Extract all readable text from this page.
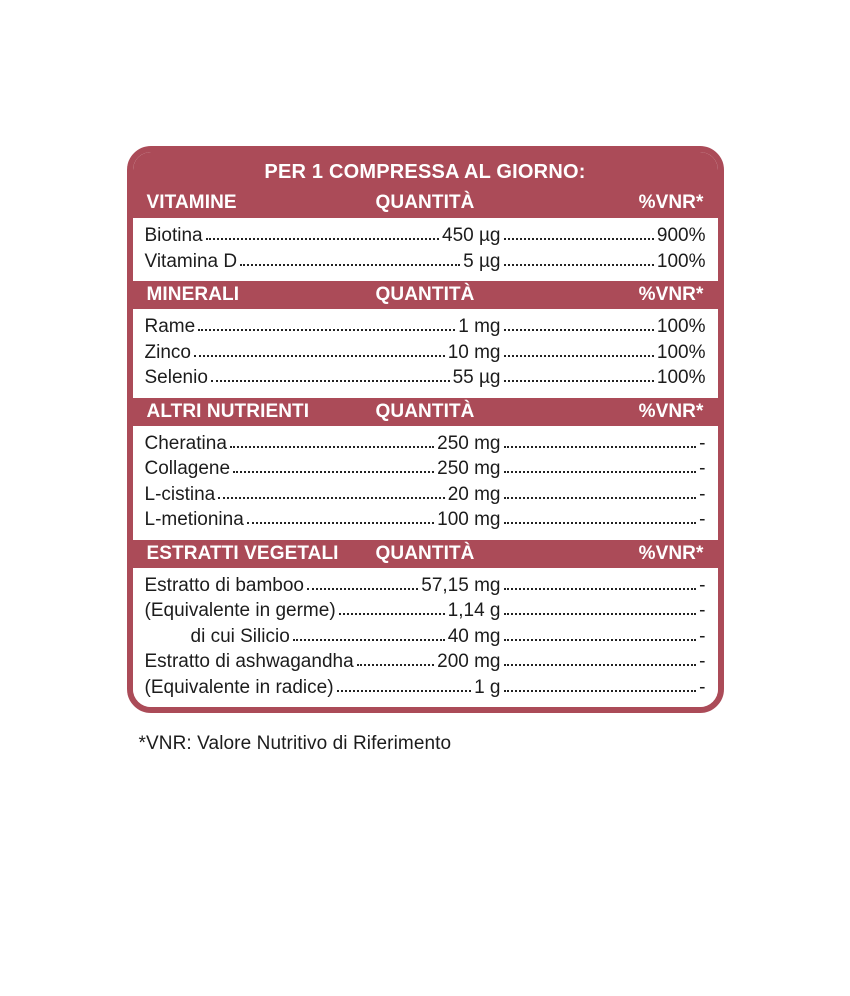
PER 1 COMPRESSA AL GIORNO:
VITAMINE	QUANTITÀ	%VNR*
Biotina	450 µg	900%
Vitamina D	5 µg	100%
MINERALI	QUANTITÀ	%VNR*
Rame	1 mg	100%
Zinco	10 mg	100%
Selenio	55 µg	100%
ALTRI NUTRIENTI	QUANTITÀ	%VNR*
Cheratina	250 mg	-
Collagene	250 mg	-
L-cistina	20 mg	-
L-metionina	100 mg	-
ESTRATTI VEGETALI	QUANTITÀ	%VNR*
Estratto di bamboo	57,15 mg	-
(Equivalente in germe)	1,14 g	-
di cui Silicio	40 mg	-
Estratto di ashwagandha	200 mg	-
(Equivalente in radice)	1 g	-
*VNR: Valore Nutritivo di Riferimento
